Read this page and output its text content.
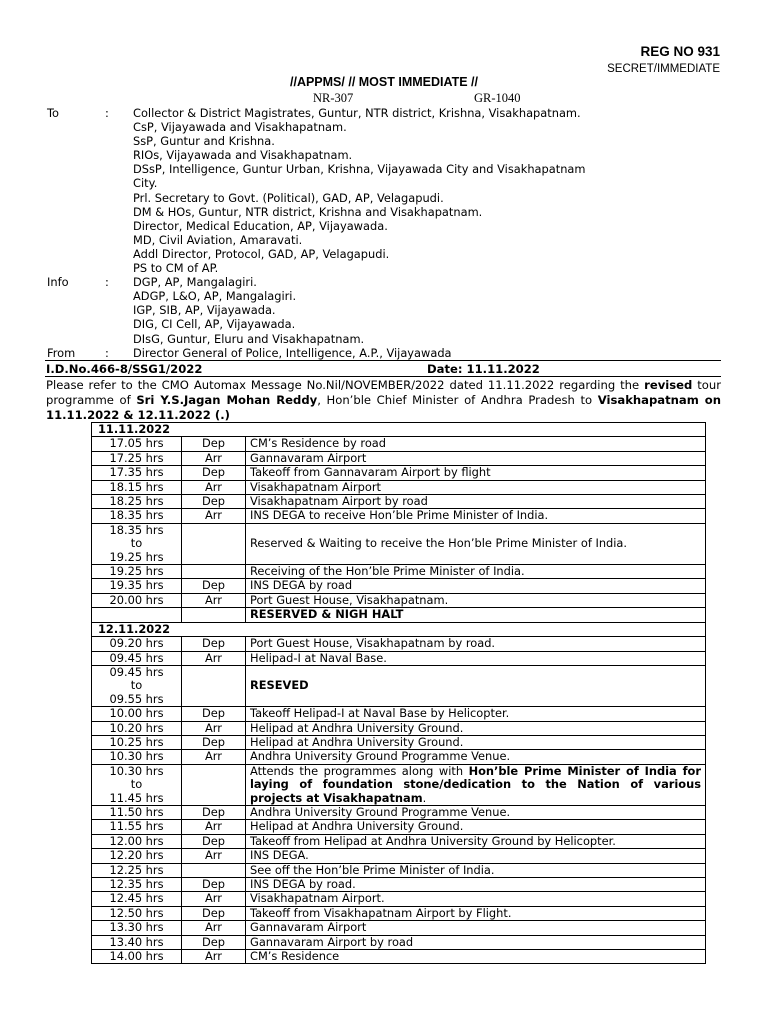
REG NO 931
SECRET/IMMEDIATE
//APPMS/ // MOST IMMEDIATE //
NR-307	GR-1040
To	: Collector & District Magistrates, Guntur, NTR district, Krishna, Visakhapatnam.
CsP, Vijayawada and Visakhapatnam.
SsP, Guntur and Krishna.
RIOs, Vijayawada and Visakhapatnam.
DSsP, Intelligence, Guntur Urban, Krishna, Vijayawada City and Visakhapatnam
City.
Prl. Secretary to Govt. (Political), GAD, AP, Velagapudi.
DM & HOs, Guntur, NTR district, Krishna and Visakhapatnam.
Director, Medical Education, AP, Vijayawada.
MD, Civil Aviation, Amaravati.
Addl Director, Protocol, GAD, AP, Velagapudi.
PS to CM of AP.
Info	: DGP, AP, Mangalagiri.
ADGP, L&O, AP, Mangalagiri.
IGP, SIB, AP, Vijayawada.
DIG, CI Cell, AP, Vijayawada.
DIsG, Guntur, Eluru and Visakhapatnam.
From	: Director General of Police, Intelligence, A.P., Vijayawada
I.D.No.466-8/SSG1/2022	Date: 11.11.2022
Please refer to the CMO Automax Message No.Nil/NOVEMBER/2022 dated 11.11.2022 regarding the revised tour programme of Sri Y.S.Jagan Mohan Reddy, Hon’ble Chief Minister of Andhra Pradesh to Visakhapatnam on 11.11.2022 & 12.11.2022 (.)
11.11.2022		
17.05 hrs	Dep	CM’s Residence by road
17.25 hrs	Arr	Gannavaram Airport
17.35 hrs	Dep	Takeoff from Gannavaram Airport by flight
18.15 hrs	Arr	Visakhapatnam Airport
18.25 hrs	Dep	Visakhapatnam Airport by road
18.35 hrs	Arr	INS DEGA to receive Hon’ble Prime Minister of India.

18.35 hrs
to
19.25 hrs		Reserved & Waiting to receive the Hon’ble Prime Minister of India.
19.25 hrs		Receiving of the Hon’ble Prime Minister of India.
19.35 hrs	Dep	INS DEGA by road
20.00 hrs	Arr	Port Guest House, Visakhapatnam.
		RESERVED & NIGH HALT
12.11.2022		
09.20 hrs	Dep	Port Guest House, Visakhapatnam by road.
09.45 hrs	Arr	Helipad-I at Naval Base.

09.45 hrs
to
09.55 hrs		RESEVED
10.00 hrs	Dep	Takeoff Helipad-I at Naval Base by Helicopter.
10.20 hrs	Arr	Helipad at Andhra University Ground.
10.25 hrs	Dep	Helipad at Andhra University Ground.
10.30 hrs	Arr	Andhra University Ground Programme Venue.

10.30 hrs
to
11.45 hrs		Attends the programmes along with Hon’ble Prime Minister of India for laying of foundation stone/dedication to the Nation of various projects at Visakhapatnam.
11.50 hrs	Dep	Andhra University Ground Programme Venue.
11.55 hrs	Arr	Helipad at Andhra University Ground.
12.00 hrs	Dep	Takeoff from Helipad at Andhra University Ground by Helicopter.
12.20 hrs	Arr	INS DEGA.
12.25 hrs		See off the Hon’ble Prime Minister of India.
12.35 hrs	Dep	INS DEGA by road.
12.45 hrs	Arr	Visakhapatnam Airport.
12.50 hrs	Dep	Takeoff from Visakhapatnam Airport by Flight.
13.30 hrs	Arr	Gannavaram Airport
13.40 hrs	Dep	Gannavaram Airport by road
14.00 hrs	Arr	CM’s Residence
